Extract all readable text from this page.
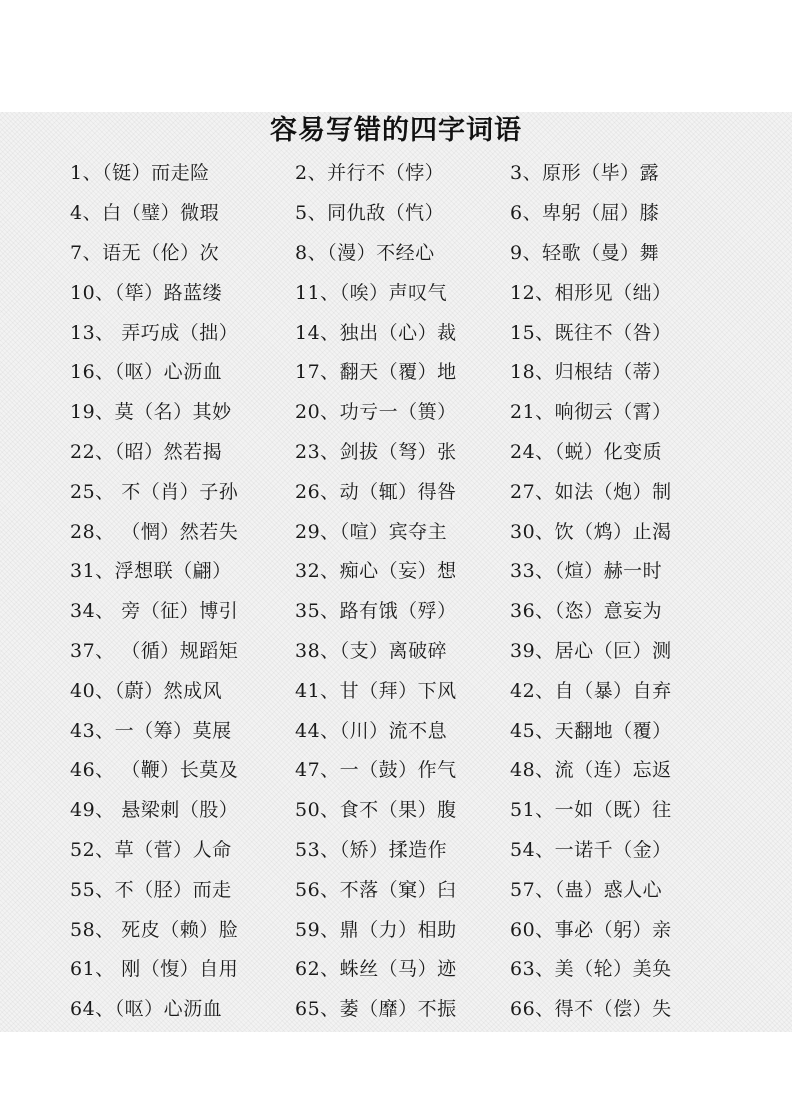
容易写错的四字词语
1、（铤）而走险	2、并行不（悖）	3、原形（毕）露
4、白（璧）微瑕	5、同仇敌（忾）	6、卑躬（屈）膝
7、语无（伦）次	8、（漫）不经心	9、轻歌（曼）舞
10、（筚）路蓝缕	11、（唉）声叹气	12、相形见（绌）
13、 弄巧成（拙）	14、独出（心）裁	15、既往不（咎）
16、（呕）心沥血	17、翻天（覆）地	18、归根结（蒂）
19、莫（名）其妙	20、功亏一（篑）	21、响彻云（霄）
22、（昭）然若揭	23、剑拔（弩）张	24、（蜕）化变质
25、 不（肖）子孙	26、动（辄）得咎	27、如法（炮）制
28、 （惘）然若失	29、（喧）宾夺主	30、饮（鸩）止渴
31、浮想联（翩）	32、痴心（妄）想	33、（煊）赫一时
34、 旁（征）博引	35、路有饿（殍）	36、（恣）意妄为
37、 （循）规蹈矩	38、（支）离破碎	39、居心（叵）测
40、（蔚）然成风	41、甘（拜）下风	42、自（暴）自弃
43、一（筹）莫展	44、（川）流不息	45、天翻地（覆）
46、 （鞭）长莫及	47、一（鼓）作气	48、流（连）忘返
49、 悬梁刺（股）	50、食不（果）腹	51、一如（既）往
52、草（菅）人命	53、（矫）揉造作	54、一诺千（金）
55、不（胫）而走	56、不落（窠）臼	57、（蛊）惑人心
58、 死皮（赖）脸	59、鼎（力）相助	60、事必（躬）亲
61、 刚（愎）自用	62、蛛丝（马）迹	63、美（轮）美奂
64、（呕）心沥血	65、萎（靡）不振	66、得不（偿）失
